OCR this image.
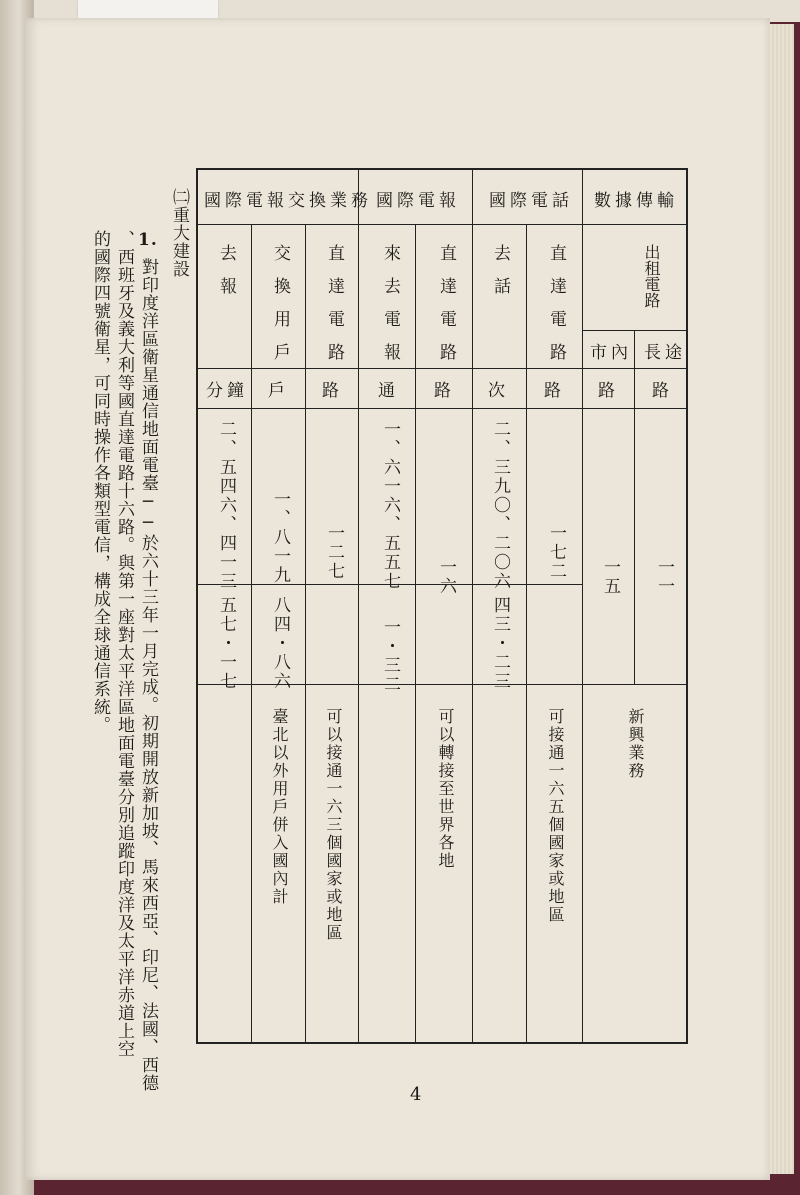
㈡重大建設
1.
對印度洋區衛星通信地面電臺──於六十三年一月完成。初期開放新加坡、馬來西亞、印尼、法國、西德
、西班牙及義大利等國直達電路十六路。與第一座對太平洋區地面電臺分別追蹤印度洋及太平洋赤道上空
的國際四號衛星，可同時操作各類型電信，構成全球通信系統。
數據傳輸
國際電話
國際電報
國際電報交換業務
出租電路
長途
市內
路
路
一一
一五
新興業務
直達電路
去話
直達電路
來去電報
直達電路
交換用戶
去報
路
次
路
通
路
戶
分鐘
一七二
二、三九〇、二〇六
四三・二三
一六
一、六一六、五五七
一・三二
一二七
一、八一九
八四・八六
二、五四六、四一三
五七・一七
可接通一六五個國家或地區
可以轉接至世界各地
可以接通一六三個國家或地區
臺北以外用戶併入國內計
4
